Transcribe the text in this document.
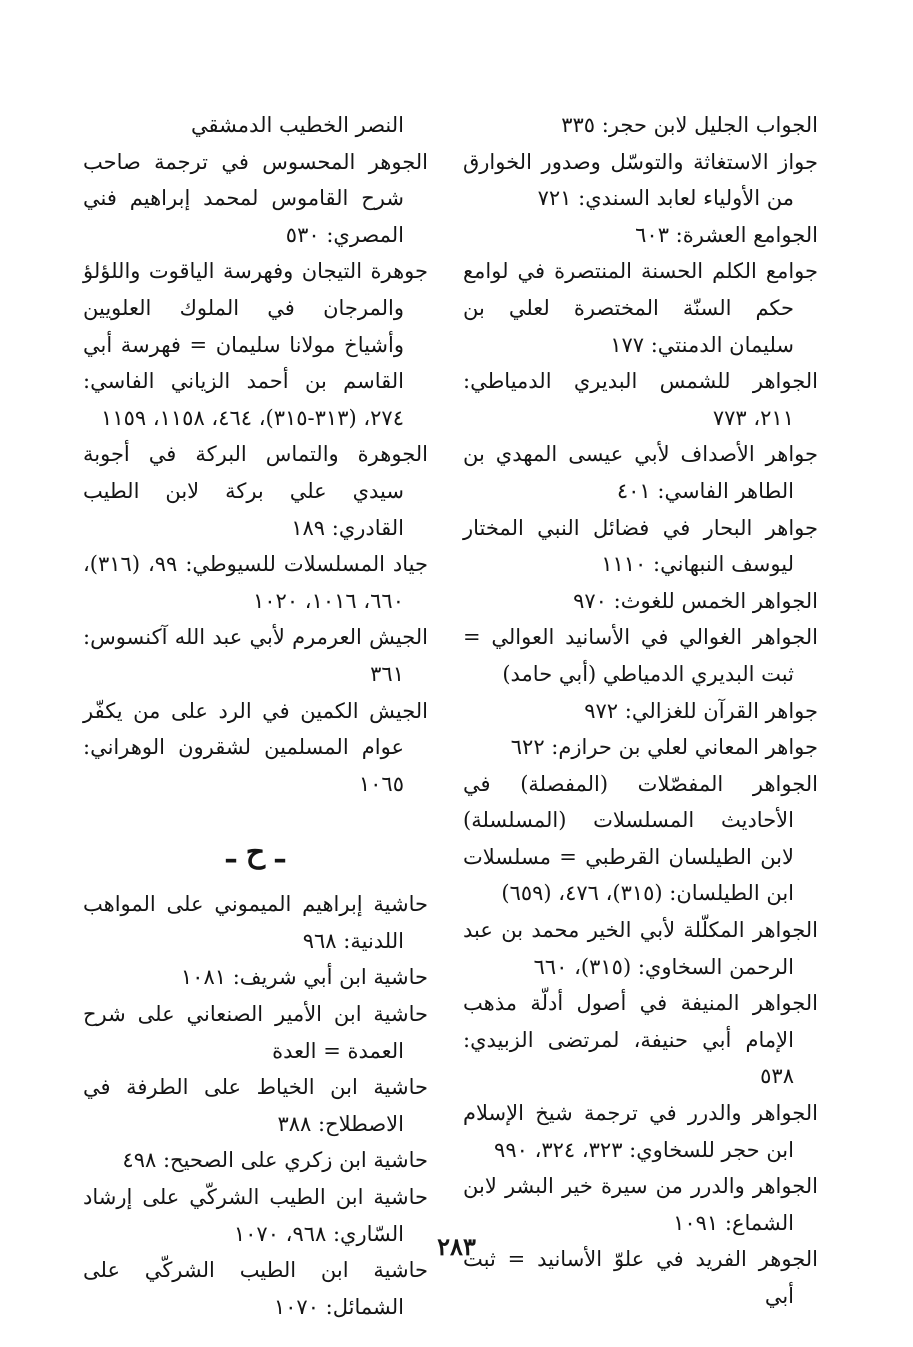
الجواب الجليل لابن حجر: ٣٣٥
جواز الاستغاثة والتوسّل وصدور الخوارق من الأولياء لعابد السندي: ٧٢١
الجوامع العشرة: ٦٠٣
جوامع الكلم الحسنة المنتصرة في لوامع حكم السنّة المختصرة لعلي بن سليمان الدمنتي: ١٧٧
الجواهر للشمس البديري الدمياطي: ٢١١، ٧٧٣
جواهر الأصداف لأبي عيسى المهدي بن الطاهر الفاسي: ٤٠١
جواهر البحار في فضائل النبي المختار ليوسف النبهاني: ١١١٠
الجواهر الخمس للغوث: ٩٧٠
الجواهر الغوالي في الأسانيد العوالي = ثبت البديري الدمياطي (أبي حامد)
جواهر القرآن للغزالي: ٩٧٢
جواهر المعاني لعلي بن حرازم: ٦٢٢
الجواهر المفصّلات (المفصلة) في الأحاديث المسلسلات (المسلسلة) لابن الطيلسان القرطبي = مسلسلات ابن الطيلسان: (٣١٥)، ٤٧٦، (٦٥٩)
الجواهر المكلّلة لأبي الخير محمد بن عبد الرحمن السخاوي: (٣١٥)، ٦٦٠
الجواهر المنيفة في أصول أدلّة مذهب الإمام أبي حنيفة، لمرتضى الزبيدي: ٥٣٨
الجواهر والدرر في ترجمة شيخ الإسلام ابن حجر للسخاوي: ٣٢٣، ٣٢٤، ٩٩٠
الجواهر والدرر من سيرة خير البشر لابن الشماع: ١٠٩١
الجوهر الفريد في علوّ الأسانيد = ثبت أبي
النصر الخطيب الدمشقي
الجوهر المحسوس في ترجمة صاحب شرح القاموس لمحمد إبراهيم فني المصري: ٥٣٠
جوهرة التيجان وفهرسة الياقوت واللؤلؤ والمرجان في الملوك العلويين وأشياخ مولانا سليمان = فهرسة أبي القاسم بن أحمد الزياني الفاسي: ٢٧٤، (٣١٣-٣١٥)، ٤٦٤، ١١٥٨، ١١٥٩
الجوهرة والتماس البركة في أجوبة سيدي علي بركة لابن الطيب القادري: ١٨٩
جياد المسلسلات للسيوطي: ٩٩، (٣١٦)، ٦٦٠، ١٠١٦، ١٠٢٠
الجيش العرمرم لأبي عبد الله آكنسوس: ٣٦١
الجيش الكمين في الرد على من يكفّر عوام المسلمين لشقرون الوهراني: ١٠٦٥
ـ ح ـ
حاشية إبراهيم الميموني على المواهب اللدنية: ٩٦٨
حاشية ابن أبي شريف: ١٠٨١
حاشية ابن الأمير الصنعاني على شرح العمدة = العدة
حاشية ابن الخياط على الطرفة في الاصطلاح: ٣٨٨
حاشية ابن زكري على الصحيح: ٤٩٨
حاشية ابن الطيب الشركّي على إرشاد السّاري: ٩٦٨، ١٠٧٠
حاشية ابن الطيب الشركّي على الشمائل: ١٠٧٠
٢٨٣
